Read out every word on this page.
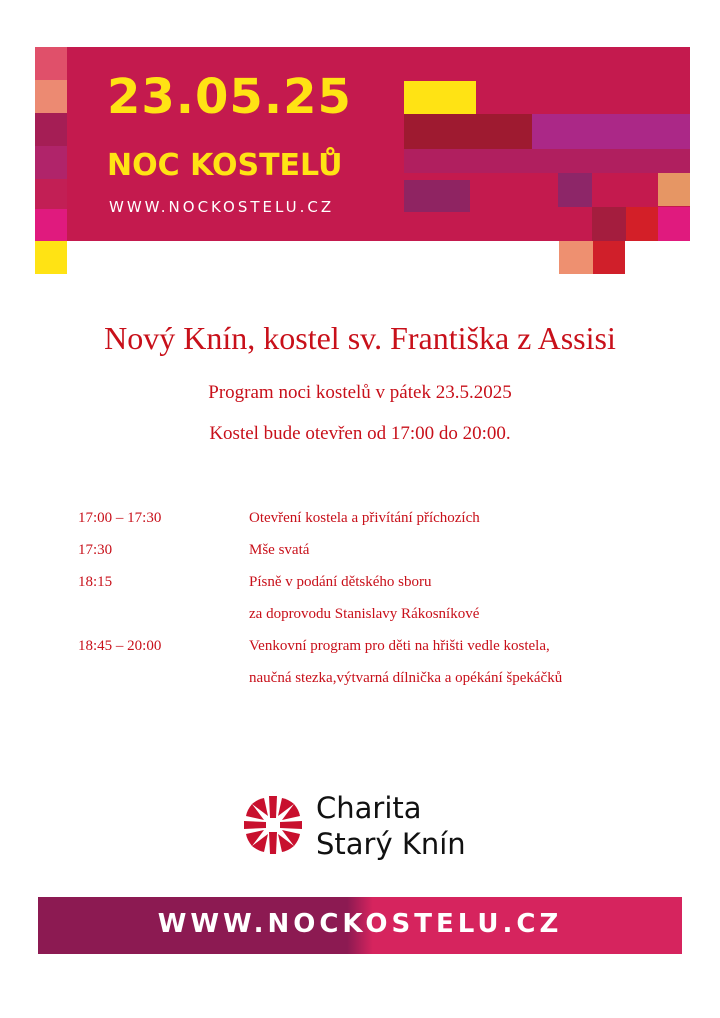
23.05.25
NOC KOSTELŮ
WWW.NOCKOSTELU.CZ
Nový Knín, kostel sv. Františka z Assisi
Program noci kostelů v pátek 23.5.2025
Kostel bude otevřen od 17:00 do 20:00.
17:00 – 17:30	Otevření kostela a přivítání příchozích
17:30	Mše svatá
18:15	Písně v podání dětského sboru
za doprovodu Stanislavy Rákosníkové
18:45 – 20:00	Venkovní program pro děti na hřišti vedle kostela,
naučná stezka,výtvarná dílnička a opékání špekáčků
Charita
Starý Knín
WWW.NOCKOSTELU.CZ
